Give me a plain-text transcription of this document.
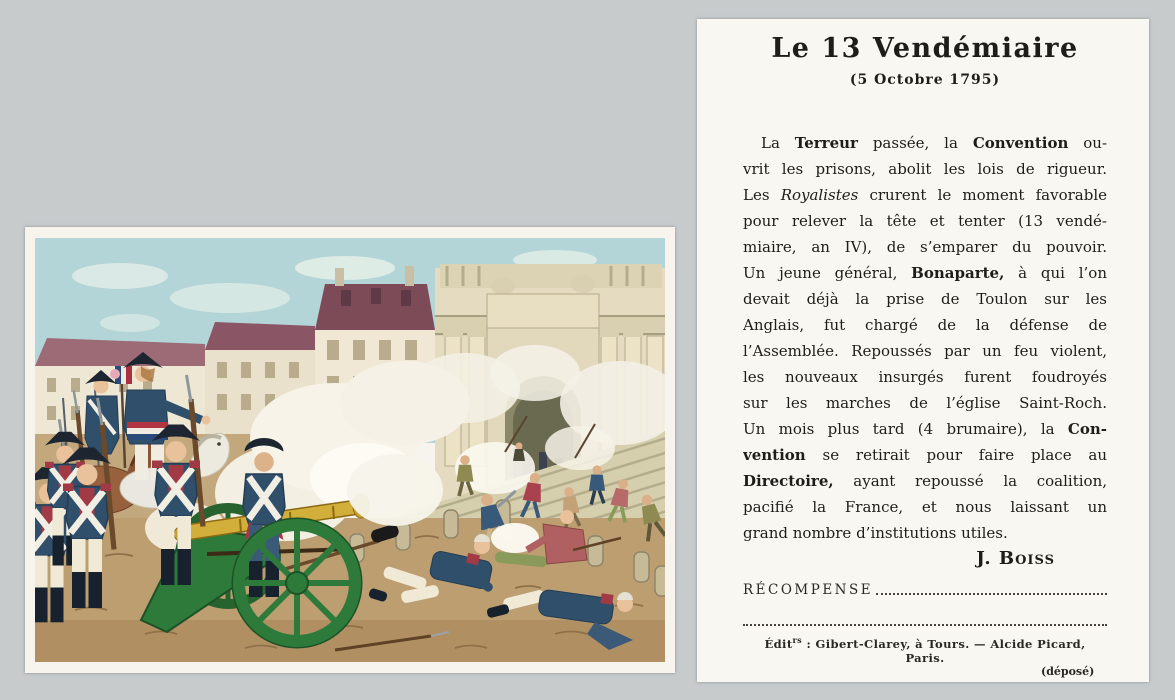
Le 13 Vendémiaire
(5 Octobre 1795)
La Terreur passée, la Convention ou-
vrit les prisons, abolit les lois de rigueur.
Les Royalistes crurent le moment favorable
pour relever la tête et tenter (13 vendé-
miaire, an IV), de s’emparer du pouvoir.
Un jeune général, Bonaparte, à qui l’on
devait déjà la prise de Toulon sur les
Anglais, fut chargé de la défense de
l’Assemblée. Repoussés par un feu violent,
les nouveaux insurgés furent foudroyés
sur les marches de l’église Saint-Roch.
Un mois plus tard (4 brumaire), la Con-
vention se retirait pour faire place au
Directoire, ayant repoussé la coalition,
pacifié la France, et nous laissant un
grand nombre d’institutions utiles.
J. Boiss
RÉCOMPENSE
Édit$^{rs}$ : Gibert-Clarey, à Tours. — Alcide Picard, Paris.
(déposé)
